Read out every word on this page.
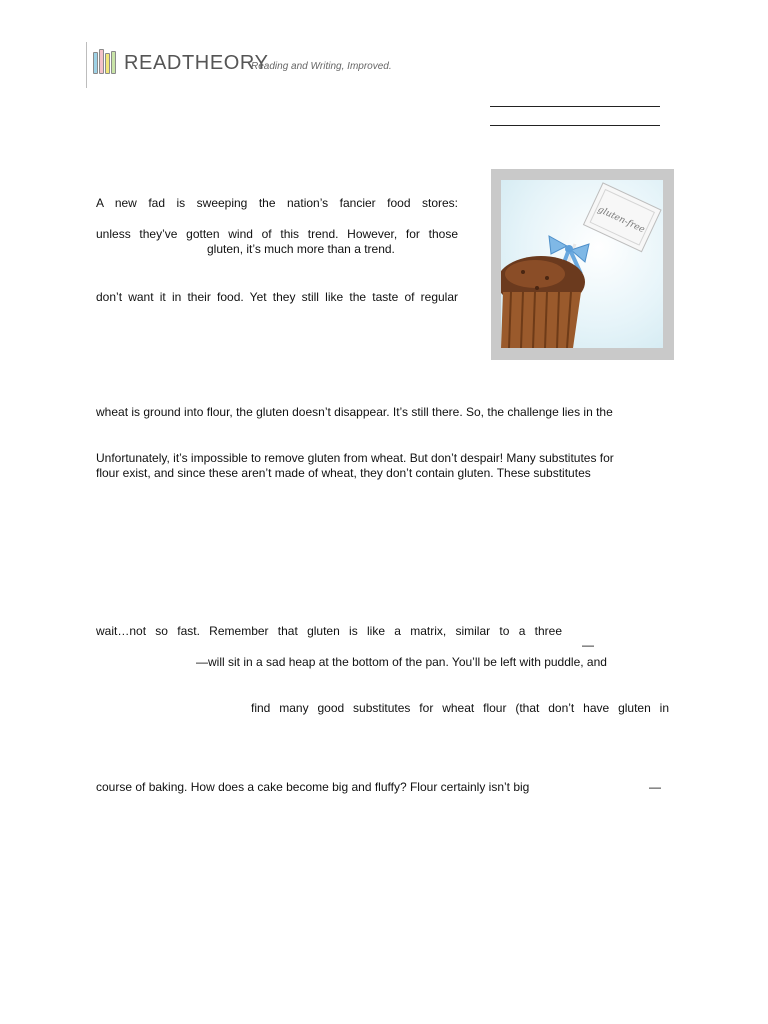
READTHEORY
Reading and Writing, Improved.
A new fad is sweeping the nation’s fancier food stores:
unless they’ve gotten wind of this trend. However, for those
gluten, it’s much more than a trend.
don’t want it in their food. Yet they still like the taste of regular
wheat is ground into flour, the gluten doesn’t disappear. It’s still there. So, the challenge lies in the
Unfortunately, it’s impossible to remove gluten from wheat. But don’t despair! Many substitutes for
flour exist, and since these aren’t made of wheat, they don’t contain gluten. These substitutes
wait…not so fast. Remember that gluten is like a matrix, similar to a three
—
—will sit in a sad heap at the bottom of the pan. You’ll be left with puddle, and
find many good substitutes for wheat flour (that don’t have gluten in
course of baking. How does a cake become big and fluffy? Flour certainly isn’t big	—
gluten-free
